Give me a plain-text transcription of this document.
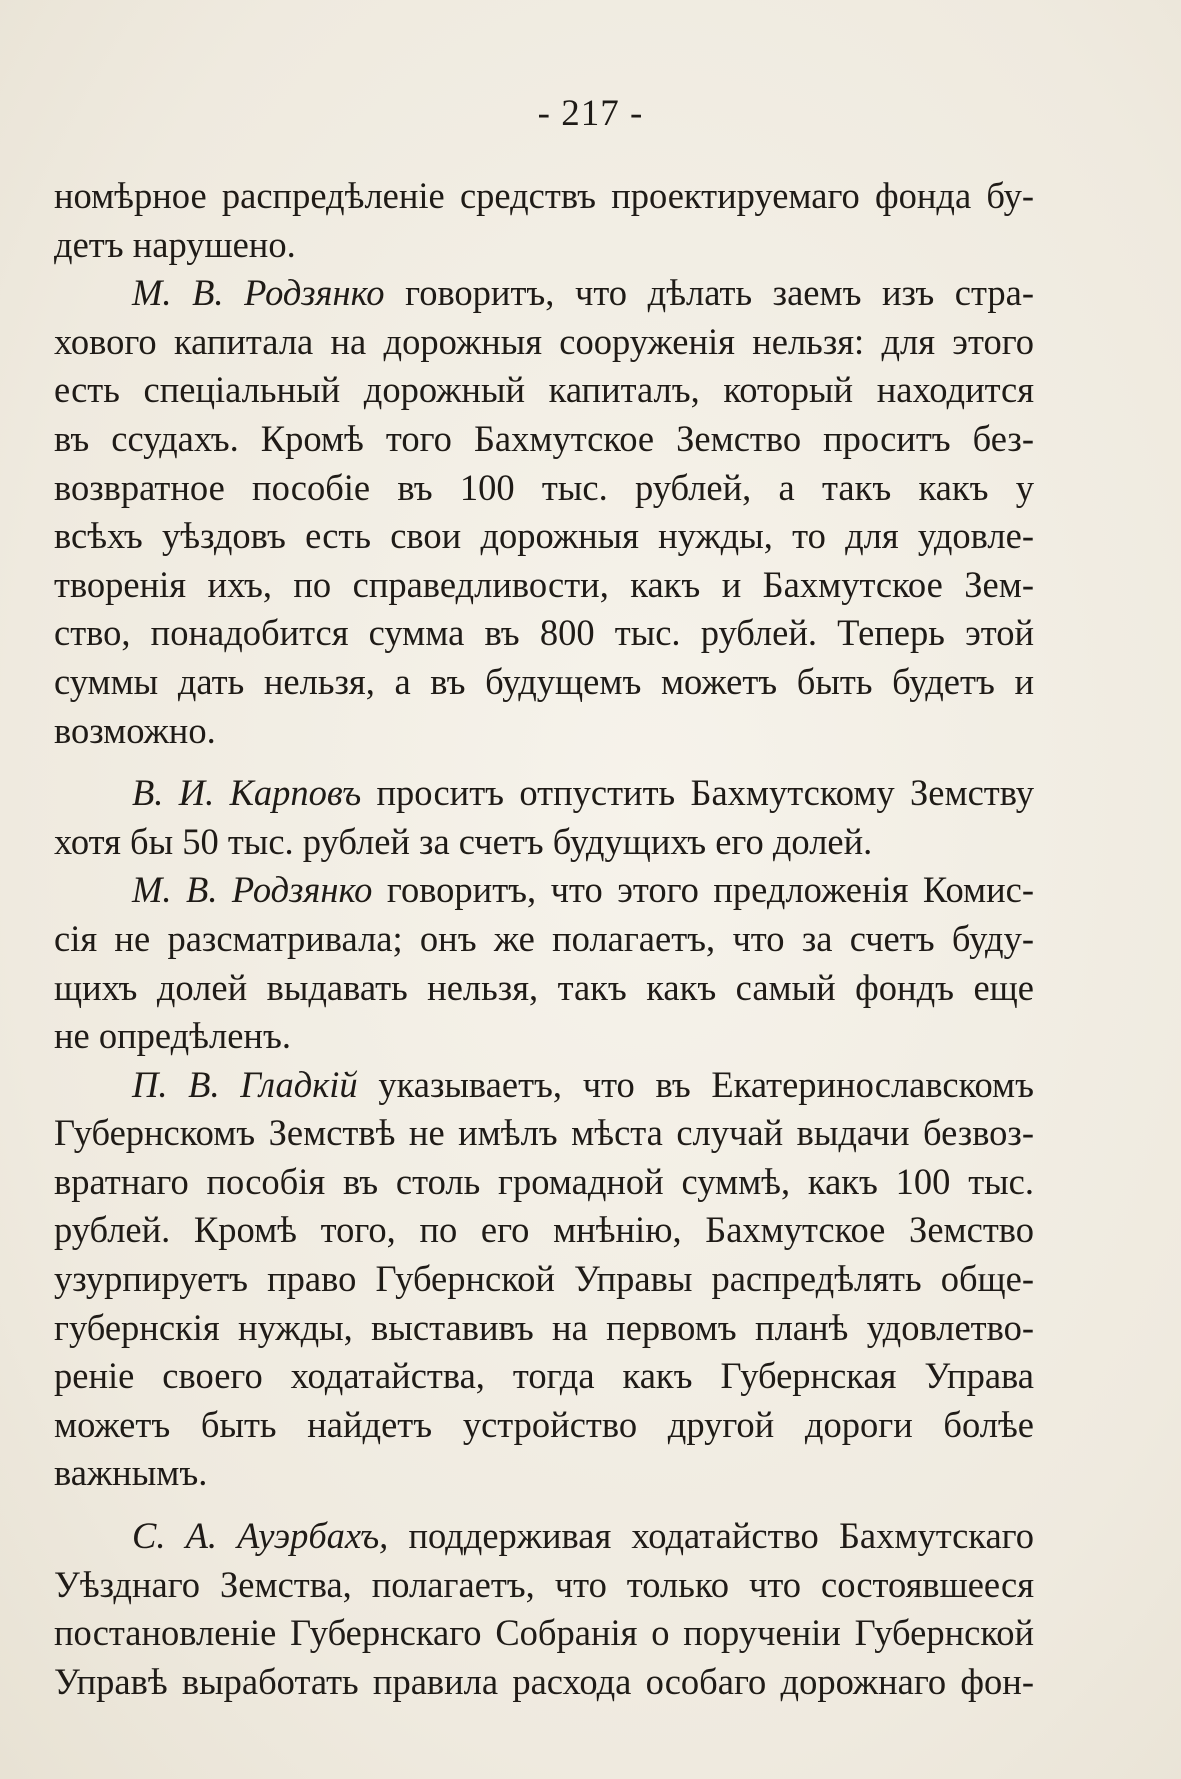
- 217 -
номѣрное распредѣленіе средствъ проектируемаго фонда бу-
детъ нарушено.
М. В. Родзянко говоритъ, что дѣлать заемъ изъ стра-
хового капитала на дорожныя сооруженія нельзя: для этого
есть спеціальный дорожный капиталъ, который находится
въ ссудахъ. Кромѣ того Бахмутское Земство проситъ без-
возвратное пособіе въ 100 тыс. рублей, а такъ какъ у
всѣхъ уѣздовъ есть свои дорожныя нужды, то для удовле-
творенія ихъ, по справедливости, какъ и Бахмутское Зем-
ство, понадобится сумма въ 800 тыс. рублей. Теперь этой
суммы дать нельзя, а въ будущемъ можетъ быть будетъ и
возможно.
В. И. Карповъ проситъ отпустить Бахмутскому Земству
хотя бы 50 тыс. рублей за счетъ будущихъ его долей.
М. В. Родзянко говоритъ, что этого предложенія Комис-
сія не разсматривала; онъ же полагаетъ, что за счетъ буду-
щихъ долей выдавать нельзя, такъ какъ самый фондъ еще
не опредѣленъ.
П. В. Гладкій указываетъ, что въ Екатеринославскомъ
Губернскомъ Земствѣ не имѣлъ мѣста случай выдачи безвоз-
вратнаго пособія въ столь громадной суммѣ, какъ 100 тыс.
рублей. Кромѣ того, по его мнѣнію, Бахмутское Земство
узурпируетъ право Губернской Управы распредѣлять обще-
губернскія нужды, выставивъ на первомъ планѣ удовлетво-
реніе своего ходатайства, тогда какъ Губернская Управа
можетъ быть найдетъ устройство другой дороги болѣе
важнымъ.
С. А. Ауэрбахъ, поддерживая ходатайство Бахмутскаго
Уѣзднаго Земства, полагаетъ, что только что состоявшееся
постановленіе Губернскаго Собранія о порученіи Губернской
Управѣ выработать правила расхода особаго дорожнаго фон-
